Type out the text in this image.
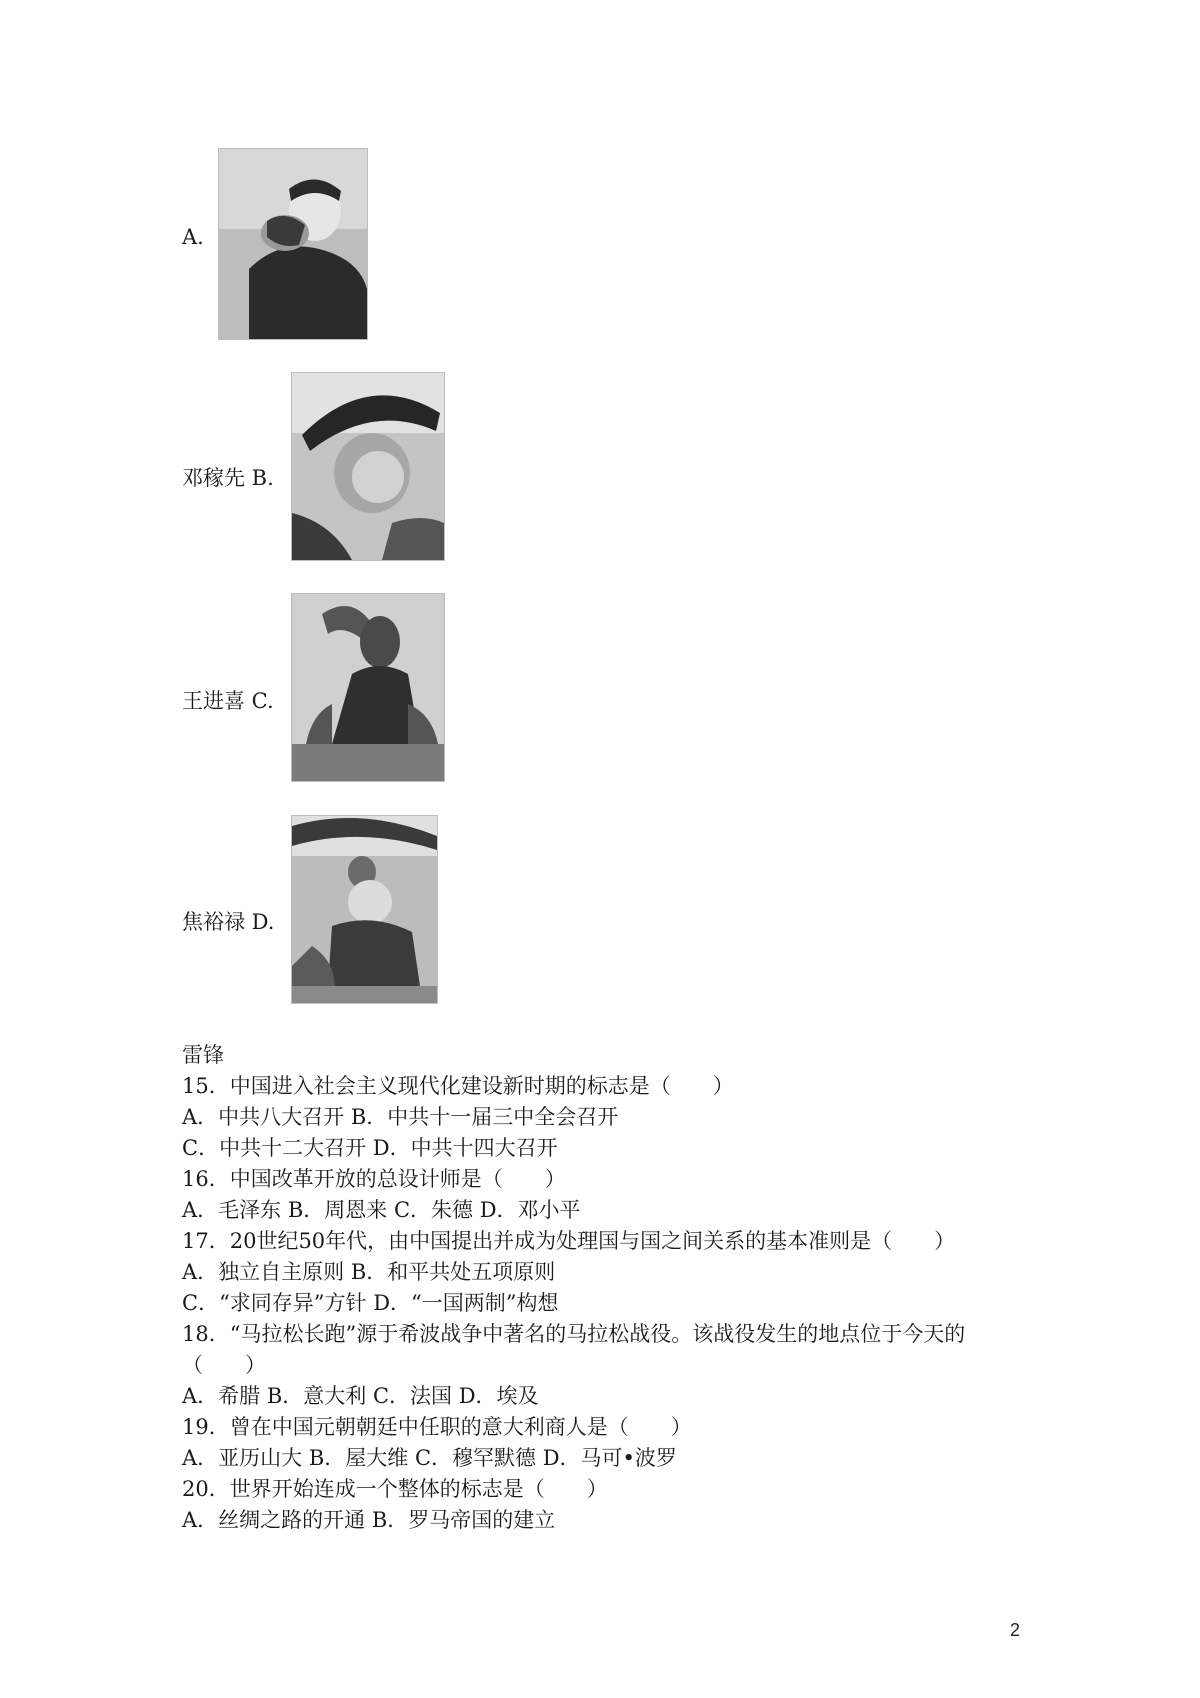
A.
邓稼先 B.
王进喜 C.
焦裕禄 D.
雷锋
15．中国进入社会主义现代化建设新时期的标志是（　　）
A．中共八大召开 B．中共十一届三中全会召开
C．中共十二大召开 D．中共十四大召开
16．中国改革开放的总设计师是（　　）
A．毛泽东 B．周恩来 C．朱德 D．邓小平
17．20世纪50年代，由中国提出并成为处理国与国之间关系的基本准则是（　　）
A．独立自主原则 B．和平共处五项原则
C．“求同存异”方针 D．“一国两制”构想
18．“马拉松长跑”源于希波战争中著名的马拉松战役。该战役发生的地点位于今天的
（　　）
A．希腊 B．意大利 C．法国 D．埃及
19．曾在中国元朝朝廷中任职的意大利商人是（　　）
A．亚历山大 B．屋大维 C．穆罕默德 D．马可•波罗
20．世界开始连成一个整体的标志是（　　）
A．丝绸之路的开通 B．罗马帝国的建立
2
